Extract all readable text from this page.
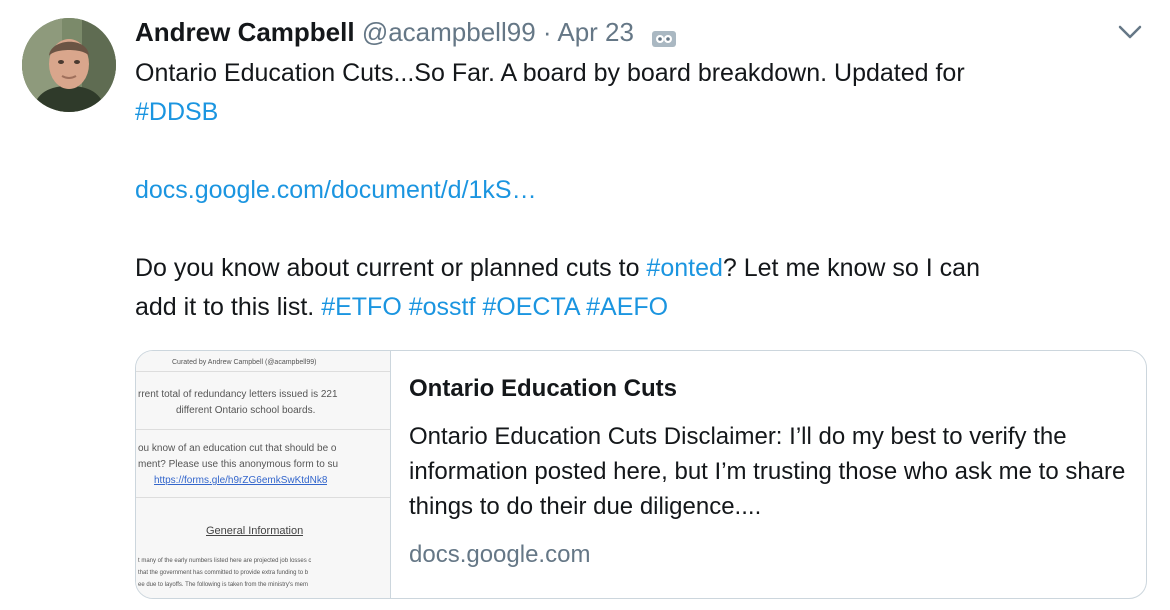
Andrew Campbell @acampbell99 · Apr 23

Ontario Education Cuts...So Far. A board by board breakdown. Updated for

#DDSB

docs.google.com/document/d/1kS…

Do you know about current or planned cuts to #onted? Let me know so I can

add it to this list. #ETFO #osstf #OECTA #AEFO

Curated by Andrew Campbell (@acampbell99)
rrent total of redundancy letters issued is 221
different Ontario school boards.
ou know of an education cut that should be o
ment? Please use this anonymous form to su
https://forms.gle/h9rZG6emkSwKtdNk8
General Information
t many of the early numbers listed here are projected job losses c
that the government has committed to provide extra funding to b
ee due to layoffs. The following is taken from the ministry's mem
Ontario Education Cuts
Ontario Education Cuts Disclaimer: I’ll do my best to verify the information posted here, but I’m trusting those who ask me to share things to do their due diligence....
docs.google.com
